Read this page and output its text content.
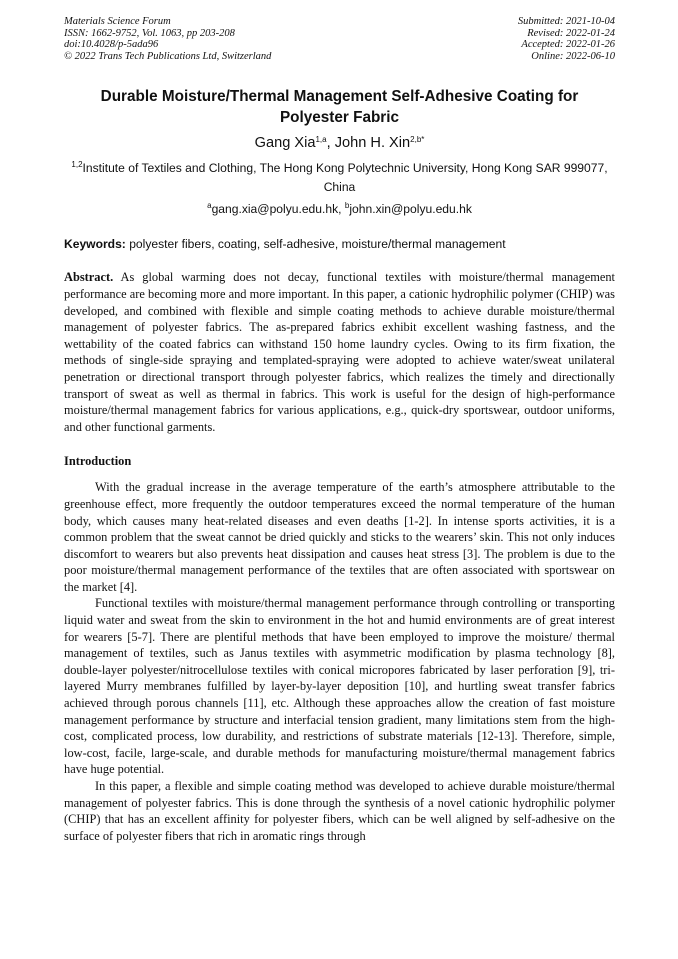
Materials Science Forum
ISSN: 1662-9752, Vol. 1063, pp 203-208
doi:10.4028/p-5ada96
© 2022 Trans Tech Publications Ltd, Switzerland
Submitted: 2021-10-04
Revised: 2022-01-24
Accepted: 2022-01-26
Online: 2022-06-10
Durable Moisture/Thermal Management Self-Adhesive Coating for Polyester Fabric
Gang Xia$^{1,a}$, John H. Xin$^{2,b*}$
$^{1,2}$Institute of Textiles and Clothing, The Hong Kong Polytechnic University, Hong Kong SAR 999077, China
$^a$gang.xia@polyu.edu.hk, $^b$john.xin@polyu.edu.hk
Keywords: polyester fibers, coating, self-adhesive, moisture/thermal management

Abstract. As global warming does not decay, functional textiles with moisture/thermal management performance are becoming more and more important. In this paper, a cationic hydrophilic polymer (CHIP) was developed, and combined with flexible and simple coating methods to achieve durable moisture/thermal management of polyester fabrics. The as-prepared fabrics exhibit excellent washing fastness, and the wettability of the coated fabrics can withstand 150 home laundry cycles. Owing to its firm fixation, the methods of single-side spraying and templated-spraying were adopted to achieve water/sweat unilateral penetration or directional transport through polyester fabrics, which realizes the timely and directionally transport of sweat as well as thermal in fabrics. This work is useful for the design of high-performance moisture/thermal management fabrics for various applications, e.g., quick-dry sportswear, outdoor uniforms, and other functional garments.

Introduction

With the gradual increase in the average temperature of the earth’s atmosphere attributable to the greenhouse effect, more frequently the outdoor temperatures exceed the normal temperature of the human body, which causes many heat-related diseases and even deaths [1-2]. In intense sports activities, it is a common problem that the sweat cannot be dried quickly and sticks to the wearers’ skin. This not only induces discomfort to wearers but also prevents heat dissipation and causes heat stress [3]. The problem is due to the poor moisture/thermal management performance of the textiles that are often associated with sportswear on the market [4].

Functional textiles with moisture/thermal management performance through controlling or transporting liquid water and sweat from the skin to environment in the hot and humid environments are of great interest for wearers [5-7]. There are plentiful methods that have been employed to improve the moisture/ thermal management of textiles, such as Janus textiles with asymmetric modification by plasma technology [8], double-layer polyester/nitrocellulose textiles with conical micropores fabricated by laser perforation [9], tri-layered Murry membranes fulfilled by layer-by-layer deposition [10], and hurtling sweat transfer fabrics achieved through porous channels [11], etc. Although these approaches allow the creation of fast moisture management performance by structure and interfacial tension gradient, many limitations stem from the high-cost, complicated process, low durability, and restrictions of substrate materials [12-13]. Therefore, simple, low-cost, facile, large-scale, and durable methods for manufacturing moisture/thermal management fabrics have huge potential.

In this paper, a flexible and simple coating method was developed to achieve durable moisture/thermal management of polyester fabrics. This is done through the synthesis of a novel cationic hydrophilic polymer (CHIP) that has an excellent affinity for polyester fibers, which can be well aligned by self-adhesive on the surface of polyester fibers that rich in aromatic rings through
